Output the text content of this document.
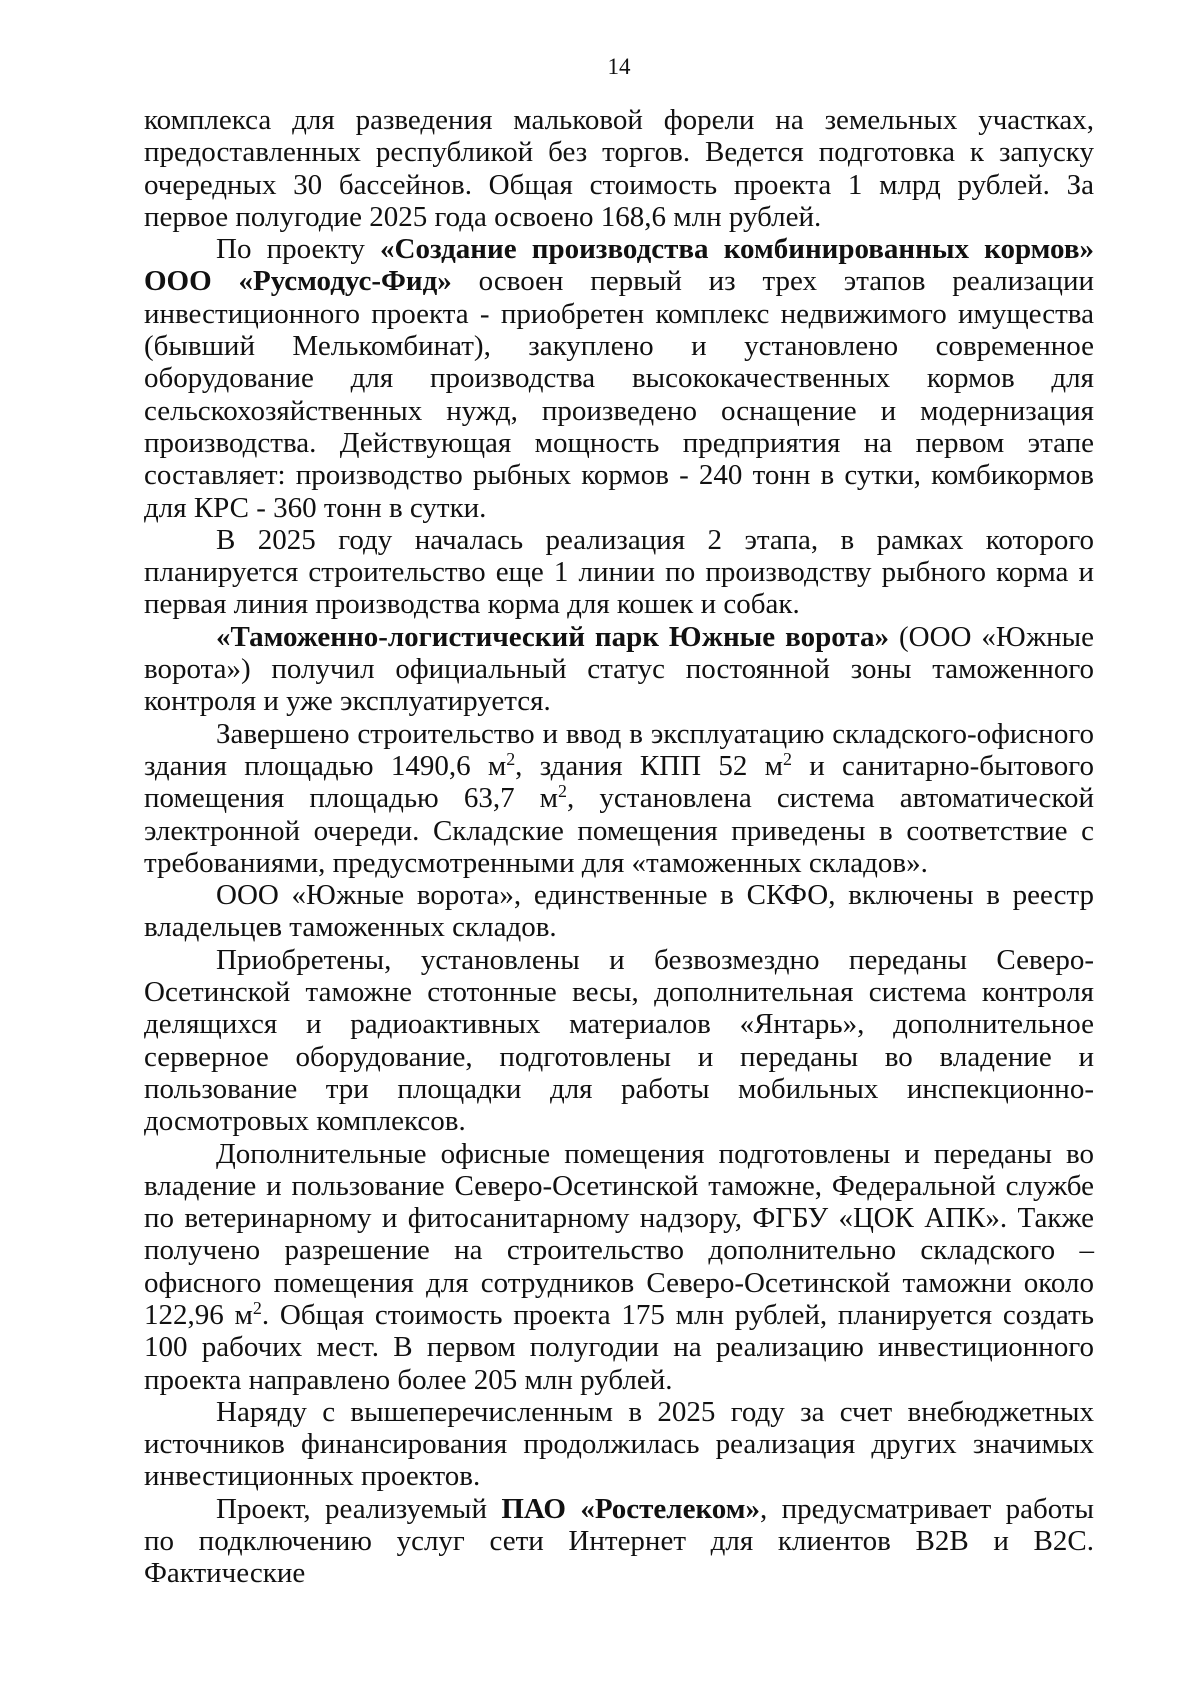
14

комплекса для разведения мальковой форели на земельных участках, предоставленных республикой без торгов. Ведется подготовка к запуску очередных 30 бассейнов. Общая стоимость проекта 1 млрд рублей. За первое полугодие 2025 года освоено 168,6 млн рублей.

По проекту «Создание производства комбинированных кормов» ООО «Русмодус-Фид» освоен первый из трех этапов реализации инвестиционного проекта - приобретен комплекс недвижимого имущества (бывший Мелькомбинат), закуплено и установлено современное оборудование для производства высококачественных кормов для сельскохозяйственных нужд, произведено оснащение и модернизация производства. Действующая мощность предприятия на первом этапе составляет: производство рыбных кормов - 240 тонн в сутки, комбикормов для КРС - 360 тонн в сутки.

В 2025 году началась реализация 2 этапа, в рамках которого планируется строительство еще 1 линии по производству рыбного корма и первая линия производства корма для кошек и собак.

«Таможенно-логистический парк Южные ворота» (ООО «Южные ворота») получил официальный статус постоянной зоны таможенного контроля и уже эксплуатируется.

Завершено строительство и ввод в эксплуатацию складского-офисного здания площадью 1490,6 $м^2$, здания КПП 52 $м^2$ и санитарно-бытового помещения площадью 63,7 $м^2$, установлена система автоматической электронной очереди. Складские помещения приведены в соответствие с требованиями, предусмотренными для «таможенных складов».

ООО «Южные ворота», единственные в СКФО, включены в реестр владельцев таможенных складов.

Приобретены, установлены и безвозмездно переданы Северо-Осетинской таможне стотонные весы, дополнительная система контроля делящихся и радиоактивных материалов «Янтарь», дополнительное серверное оборудование, подготовлены и переданы во владение и пользование три площадки для работы мобильных инспекционно-досмотровых комплексов.

Дополнительные офисные помещения подготовлены и переданы во владение и пользование Северо-Осетинской таможне, Федеральной службе по ветеринарному и фитосанитарному надзору, ФГБУ «ЦОК АПК». Также получено разрешение на строительство дополнительно складского – офисного помещения для сотрудников Северо-Осетинской таможни около 122,96 $м^2$. Общая стоимость проекта 175 млн рублей, планируется создать 100 рабочих мест. В первом полугодии на реализацию инвестиционного проекта направлено более 205 млн рублей.

Наряду с вышеперечисленным в 2025 году за счет внебюджетных источников финансирования продолжилась реализация других значимых инвестиционных проектов.

Проект, реализуемый ПАО «Ростелеком», предусматривает работы по подключению услуг сети Интернет для клиентов B2B и B2C. Фактические
